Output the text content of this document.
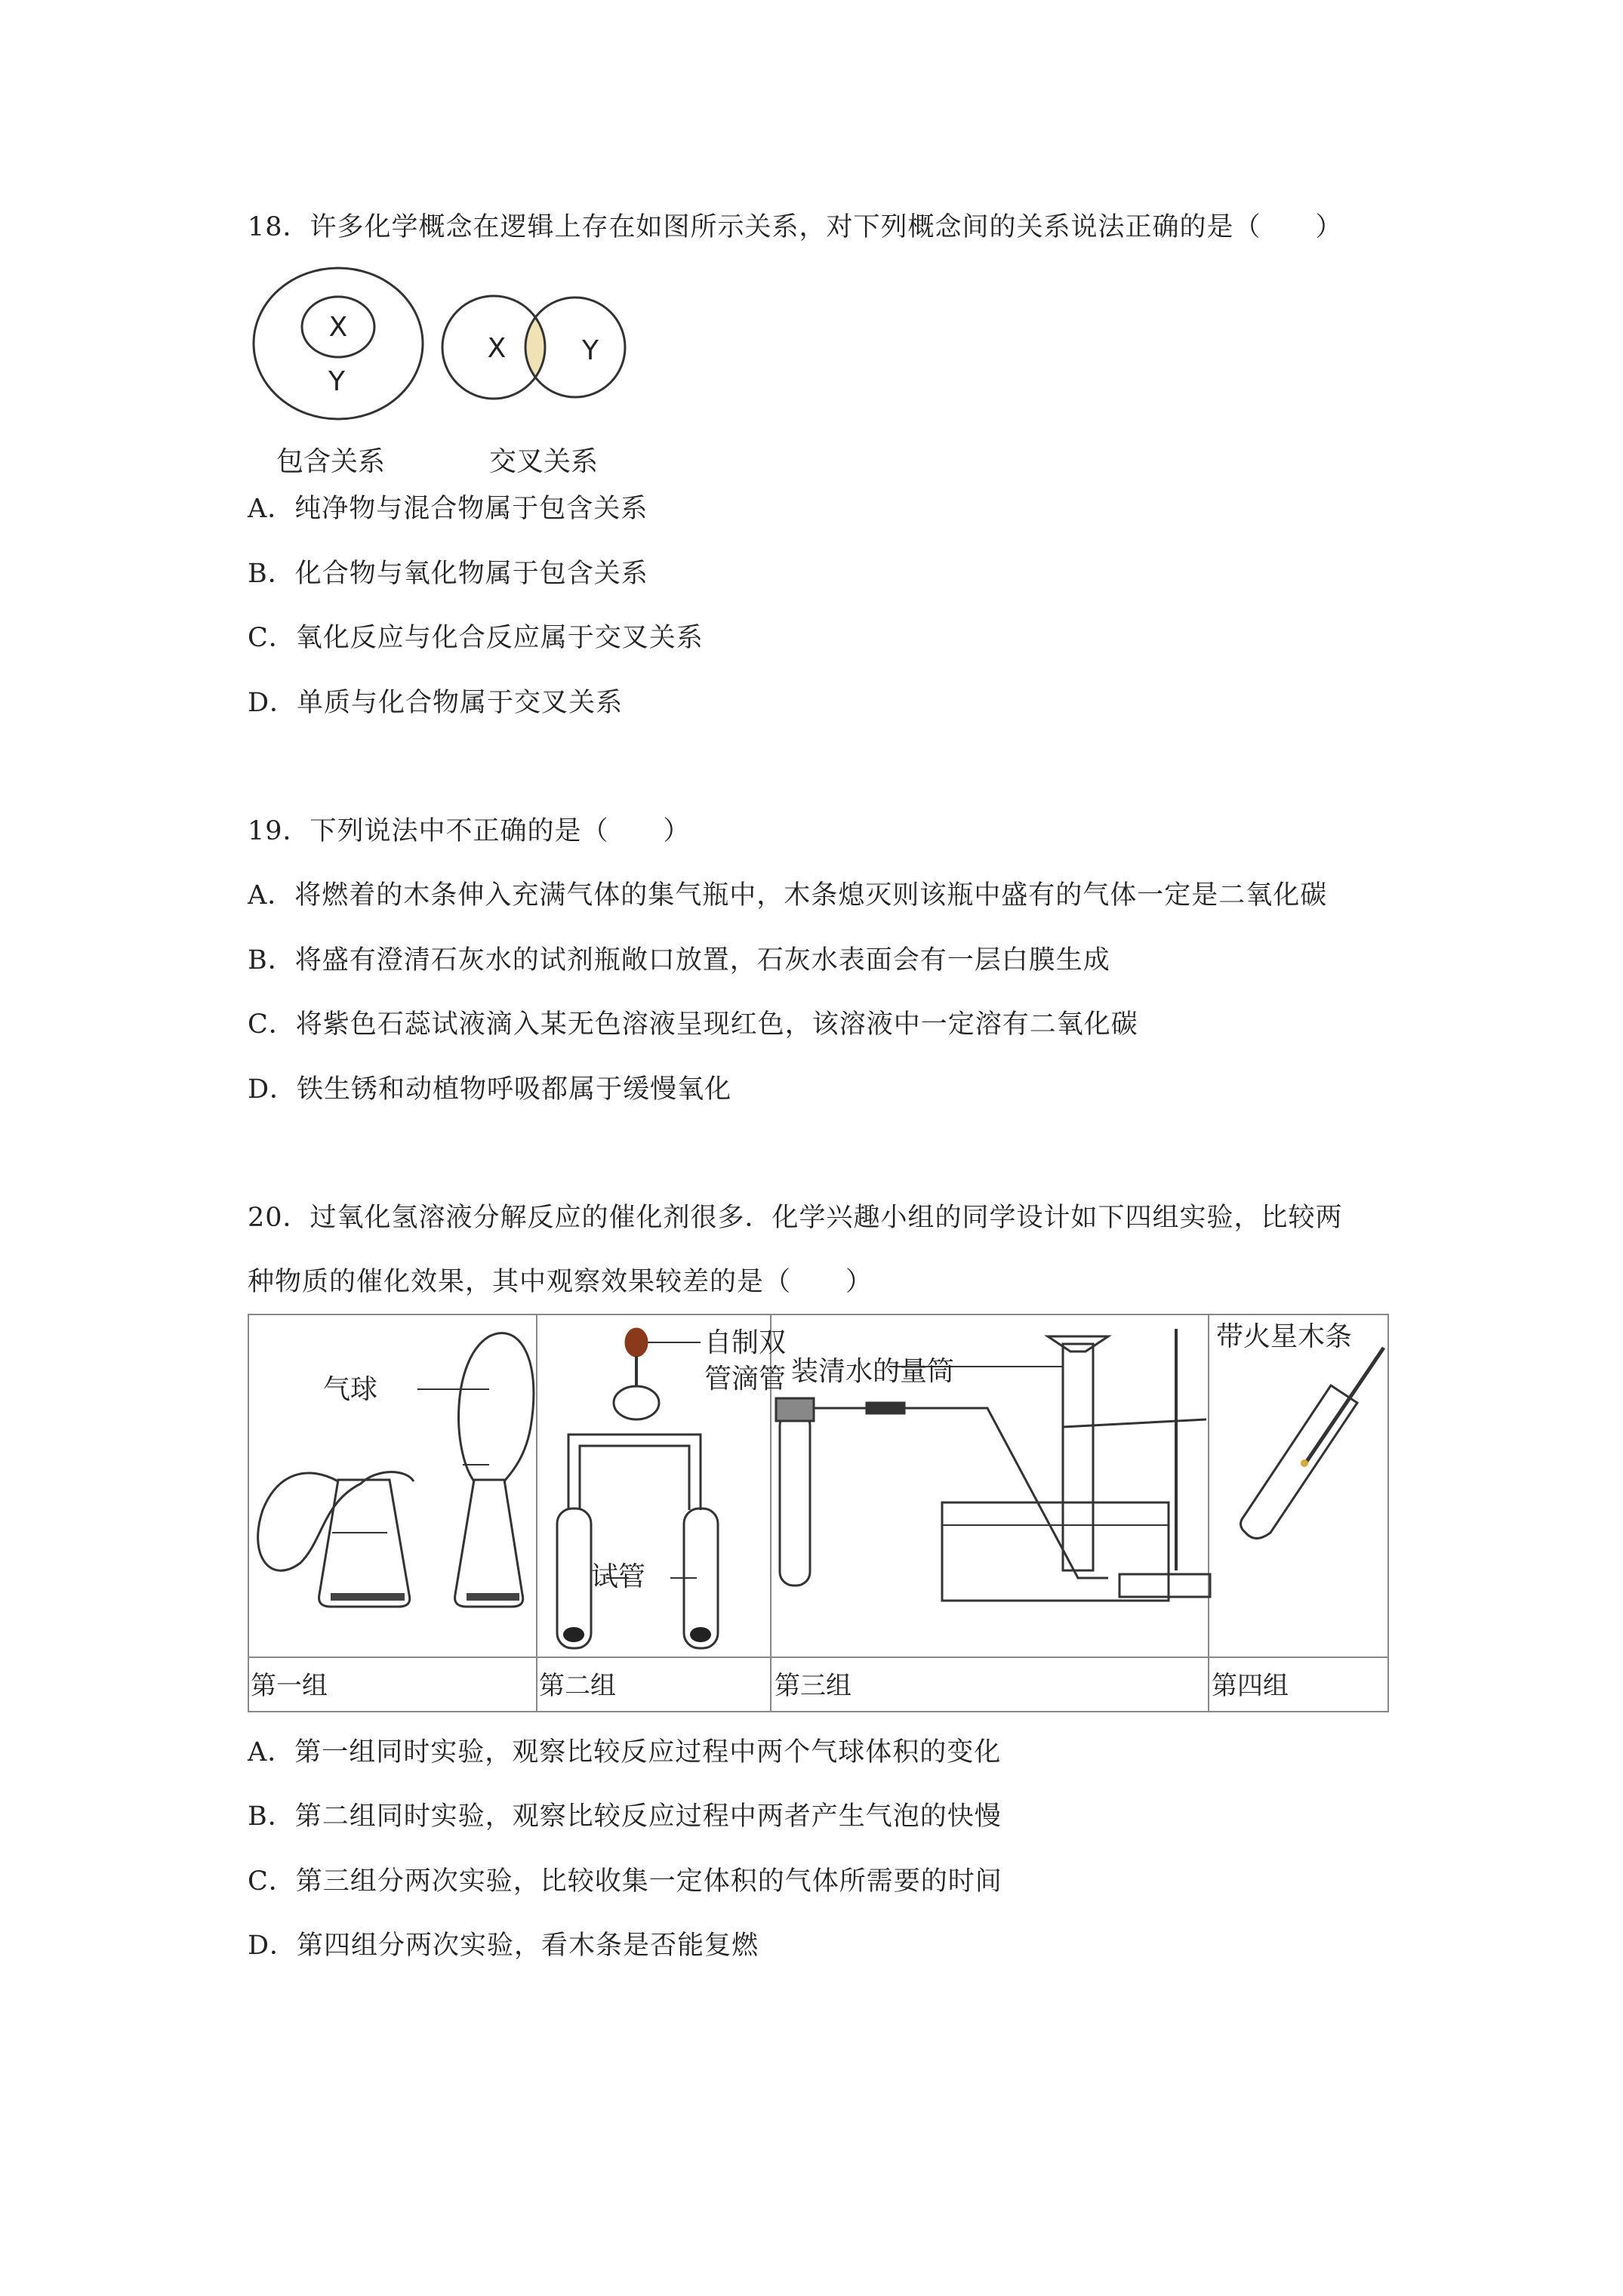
18．许多化学概念在逻辑上存在如图所示关系，对下列概念间的关系说法正确的是（　　）
X
Y
X	Y
包含关系	交叉关系
A．纯净物与混合物属于包含关系
B．化合物与氧化物属于包含关系
C．氧化反应与化合反应属于交叉关系
D．单质与化合物属于交叉关系
19．下列说法中不正确的是（　　）
A．将燃着的木条伸入充满气体的集气瓶中，木条熄灭则该瓶中盛有的气体一定是二氧化碳
B．将盛有澄清石灰水的试剂瓶敞口放置，石灰水表面会有一层白膜生成
C．将紫色石蕊试液滴入某无色溶液呈现红色，该溶液中一定溶有二氧化碳
D．铁生锈和动植物呼吸都属于缓慢氧化
20．过氧化氢溶液分解反应的催化剂很多．化学兴趣小组的同学设计如下四组实验，比较两
种物质的催化效果，其中观察效果较差的是（　　）
气球
自制双
管滴管
试管
装清水的量筒
带火星木条
第一组	第二组	第三组	第四组
A．第一组同时实验，观察比较反应过程中两个气球体积的变化
B．第二组同时实验，观察比较反应过程中两者产生气泡的快慢
C．第三组分两次实验，比较收集一定体积的气体所需要的时间
D．第四组分两次实验，看木条是否能复燃
